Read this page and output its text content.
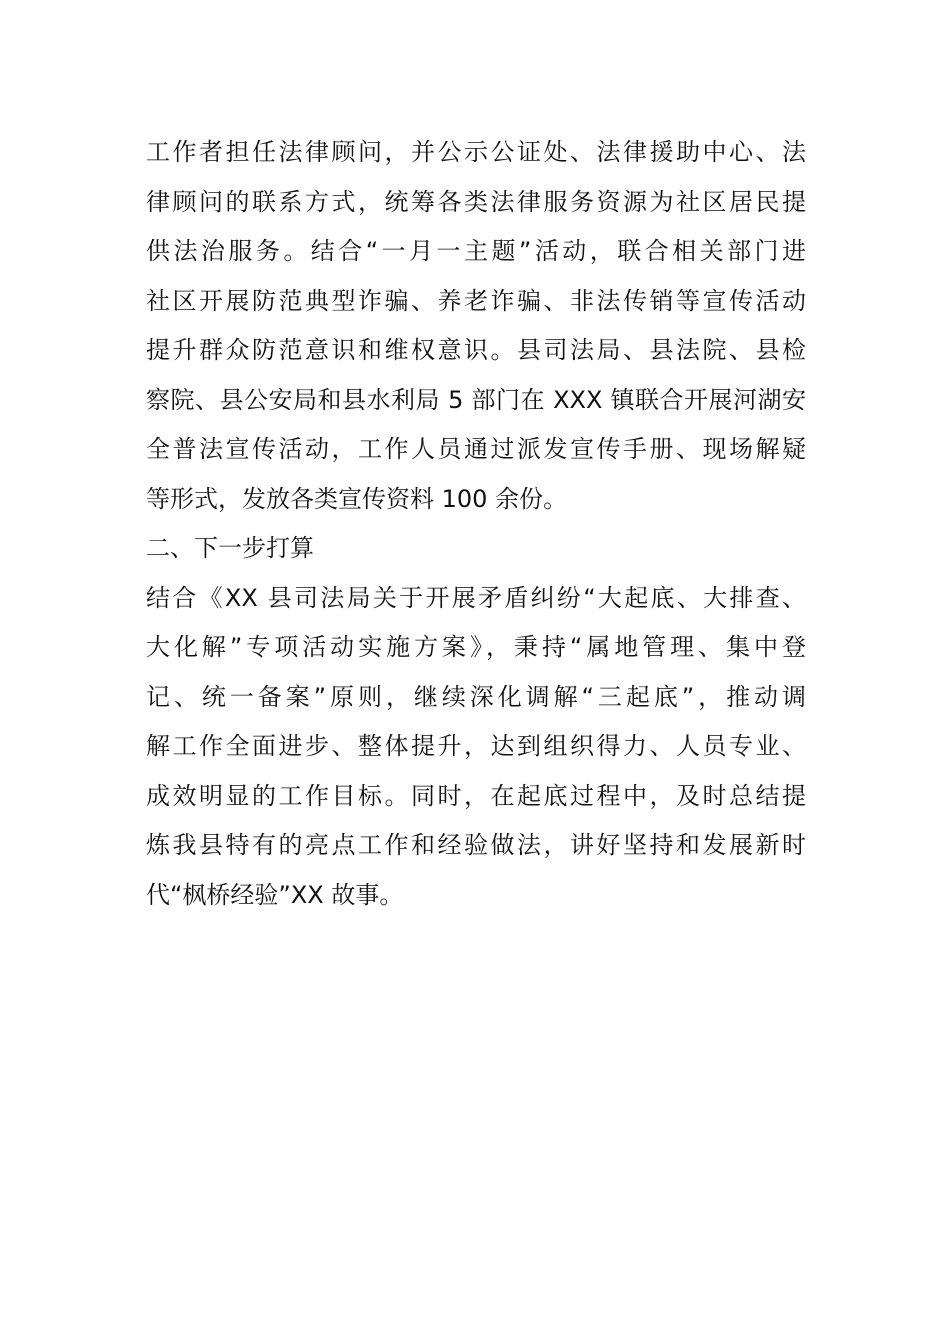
工作者担任法律顾问，并公示公证处、法律援助中心、法
律顾问的联系方式，统筹各类法律服务资源为社区居民提
供法治服务。结合“一月一主题”活动，联合相关部门进
社区开展防范典型诈骗、养老诈骗、非法传销等宣传活动
提升群众防范意识和维权意识。县司法局、县法院、县检
察院、县公安局和县水利局 5 部门在 XXX 镇联合开展河湖安
全普法宣传活动，工作人员通过派发宣传手册、现场解疑
等形式，发放各类宣传资料 100 余份。
二、下一步打算
结合《XX 县司法局关于开展矛盾纠纷“大起底、大排查、
大化解”专项活动实施方案》，秉持“属地管理、集中登
记、统一备案”原则，继续深化调解“三起底”，推动调
解工作全面进步、整体提升，达到组织得力、人员专业、
成效明显的工作目标。同时，在起底过程中，及时总结提
炼我县特有的亮点工作和经验做法，讲好坚持和发展新时
代“枫桥经验”XX 故事。
